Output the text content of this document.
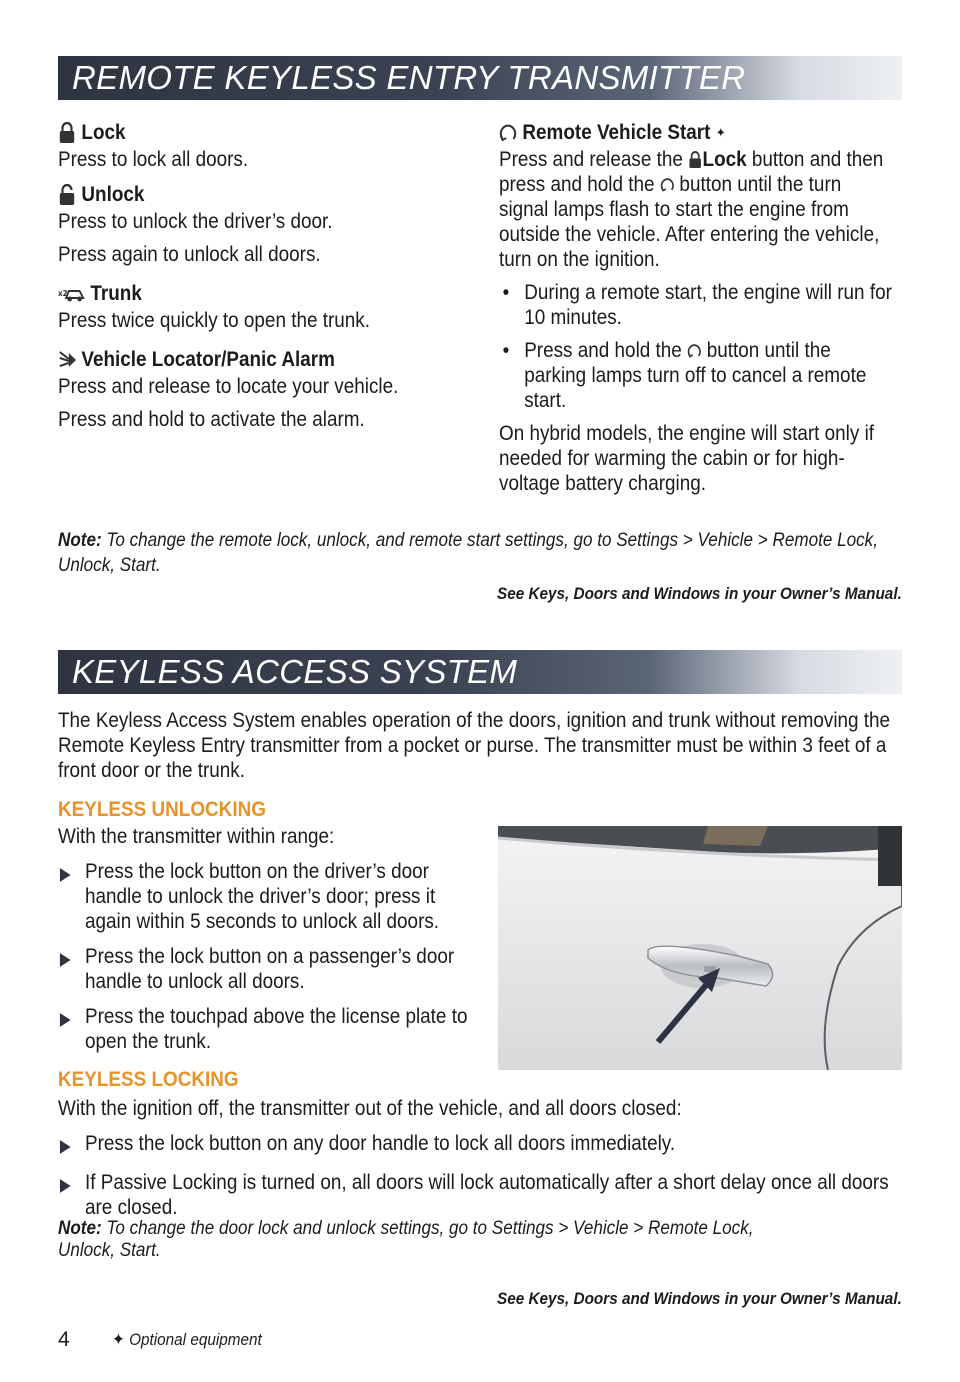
REMOTE KEYLESS ENTRY TRANSMITTER
Lock
Press to lock all doors.
Unlock
Press to unlock the driver’s door.
Press again to unlock all doors.
x2 Trunk
Press twice quickly to open the trunk.
Vehicle Locator/Panic Alarm
Press and release to locate your vehicle.
Press and hold to activate the alarm.
Remote Vehicle Start ✦
Press and release the Lock button and then press and hold the button until the turn signal lamps flash to start the engine from outside the vehicle. After entering the vehicle, turn on the ignition.
• During a remote start, the engine will run for 10 minutes.
• Press and hold the button until the parking lamps turn off to cancel a remote start.
On hybrid models, the engine will start only if needed for warming the cabin or for high-voltage battery charging.
Note: To change the remote lock, unlock, and remote start settings, go to Settings > Vehicle > Remote Lock, Unlock, Start.
See Keys, Doors and Windows in your Owner’s Manual.
KEYLESS ACCESS SYSTEM
The Keyless Access System enables operation of the doors, ignition and trunk without removing the Remote Keyless Entry transmitter from a pocket or purse. The transmitter must be within 3 feet of a front door or the trunk.
KEYLESS UNLOCKING
With the transmitter within range:
Press the lock button on the driver’s door handle to unlock the driver’s door; press it again within 5 seconds to unlock all doors.
Press the lock button on a passenger’s door handle to unlock all doors.
Press the touchpad above the license plate to open the trunk.
KEYLESS LOCKING
With the ignition off, the transmitter out of the vehicle, and all doors closed:
Press the lock button on any door handle to lock all doors immediately.
If Passive Locking is turned on, all doors will lock automatically after a short delay once all doors are closed.
Note: To change the door lock and unlock settings, go to Settings > Vehicle > Remote Lock, Unlock, Start.
See Keys, Doors and Windows in your Owner’s Manual.
4 ✦ Optional equipment
